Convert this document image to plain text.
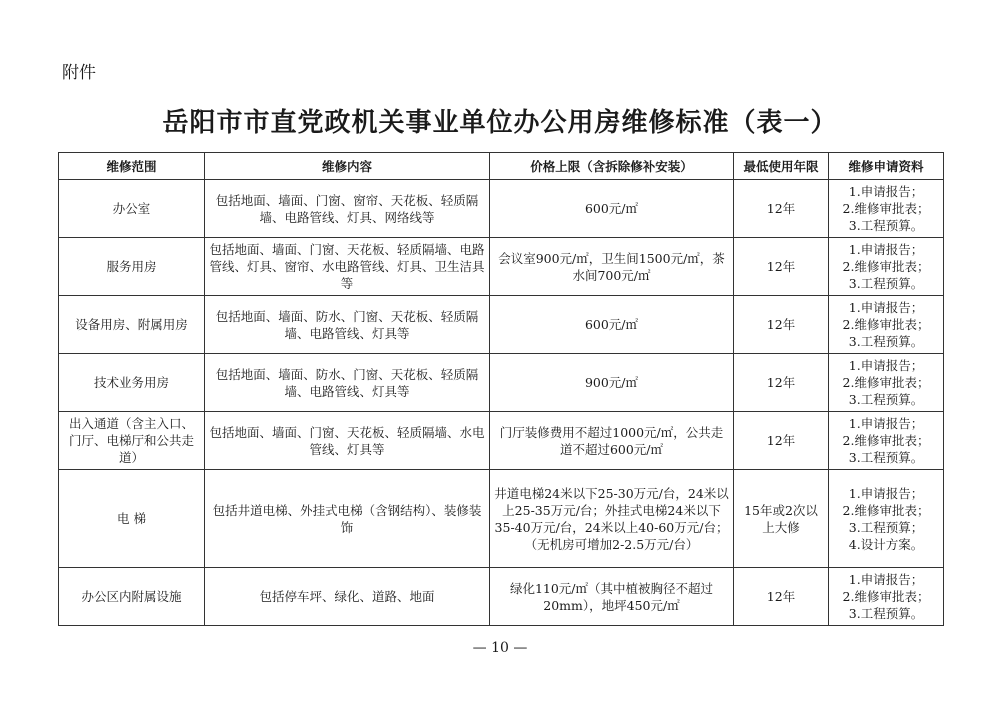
附件
岳阳市市直党政机关事业单位办公用房维修标准（表一）
维修范围	维修内容	价格上限（含拆除修补安装）	最低使用年限	维修申请资料
办公室	包括地面、墙面、门窗、窗帘、天花板、轻质隔墙、电路管线、灯具、网络线等	600元/㎡	12年	1.申请报告；
2.维修审批表；
3.工程预算。

服务用房	包括地面、墙面、门窗、天花板、轻质隔墙、电路管线、灯具、窗帘、水电路管线、灯具、卫生洁具等	会议室900元/㎡，卫生间1500元/㎡，茶水间700元/㎡	12年	1.申请报告；
2.维修审批表；
3.工程预算。

设备用房、附属用房	包括地面、墙面、防水、门窗、天花板、轻质隔墙、电路管线、灯具等	600元/㎡	12年	1.申请报告；
2.维修审批表；
3.工程预算。

技术业务用房	包括地面、墙面、防水、门窗、天花板、轻质隔墙、电路管线、灯具等	900元/㎡	12年	1.申请报告；
2.维修审批表；
3.工程预算。

出入通道（含主入口、门厅、电梯厅和公共走道）	包括地面、墙面、门窗、天花板、轻质隔墙、水电管线、灯具等	门厅装修费用不超过1000元/㎡，公共走道不超过600元/㎡	12年	1.申请报告；
2.维修审批表；
3.工程预算。

电 梯	包括井道电梯、外挂式电梯（含钢结构）、装修装饰	井道电梯24米以下25-30万元/台，24米以上25-35万元/台；外挂式电梯24米以下35-40万元/台，24米以上40-60万元/台；（无机房可增加2-2.5万元/台）	15年或2次以上大修	1.申请报告；
2.维修审批表；
3.工程预算；
4.设计方案。

办公区内附属设施	包括停车坪、绿化、道路、地面	绿化110元/㎡（其中植被胸径不超过20mm），地坪450元/㎡	12年	1.申请报告；
2.维修审批表；
3.工程预算。
— 10 —
